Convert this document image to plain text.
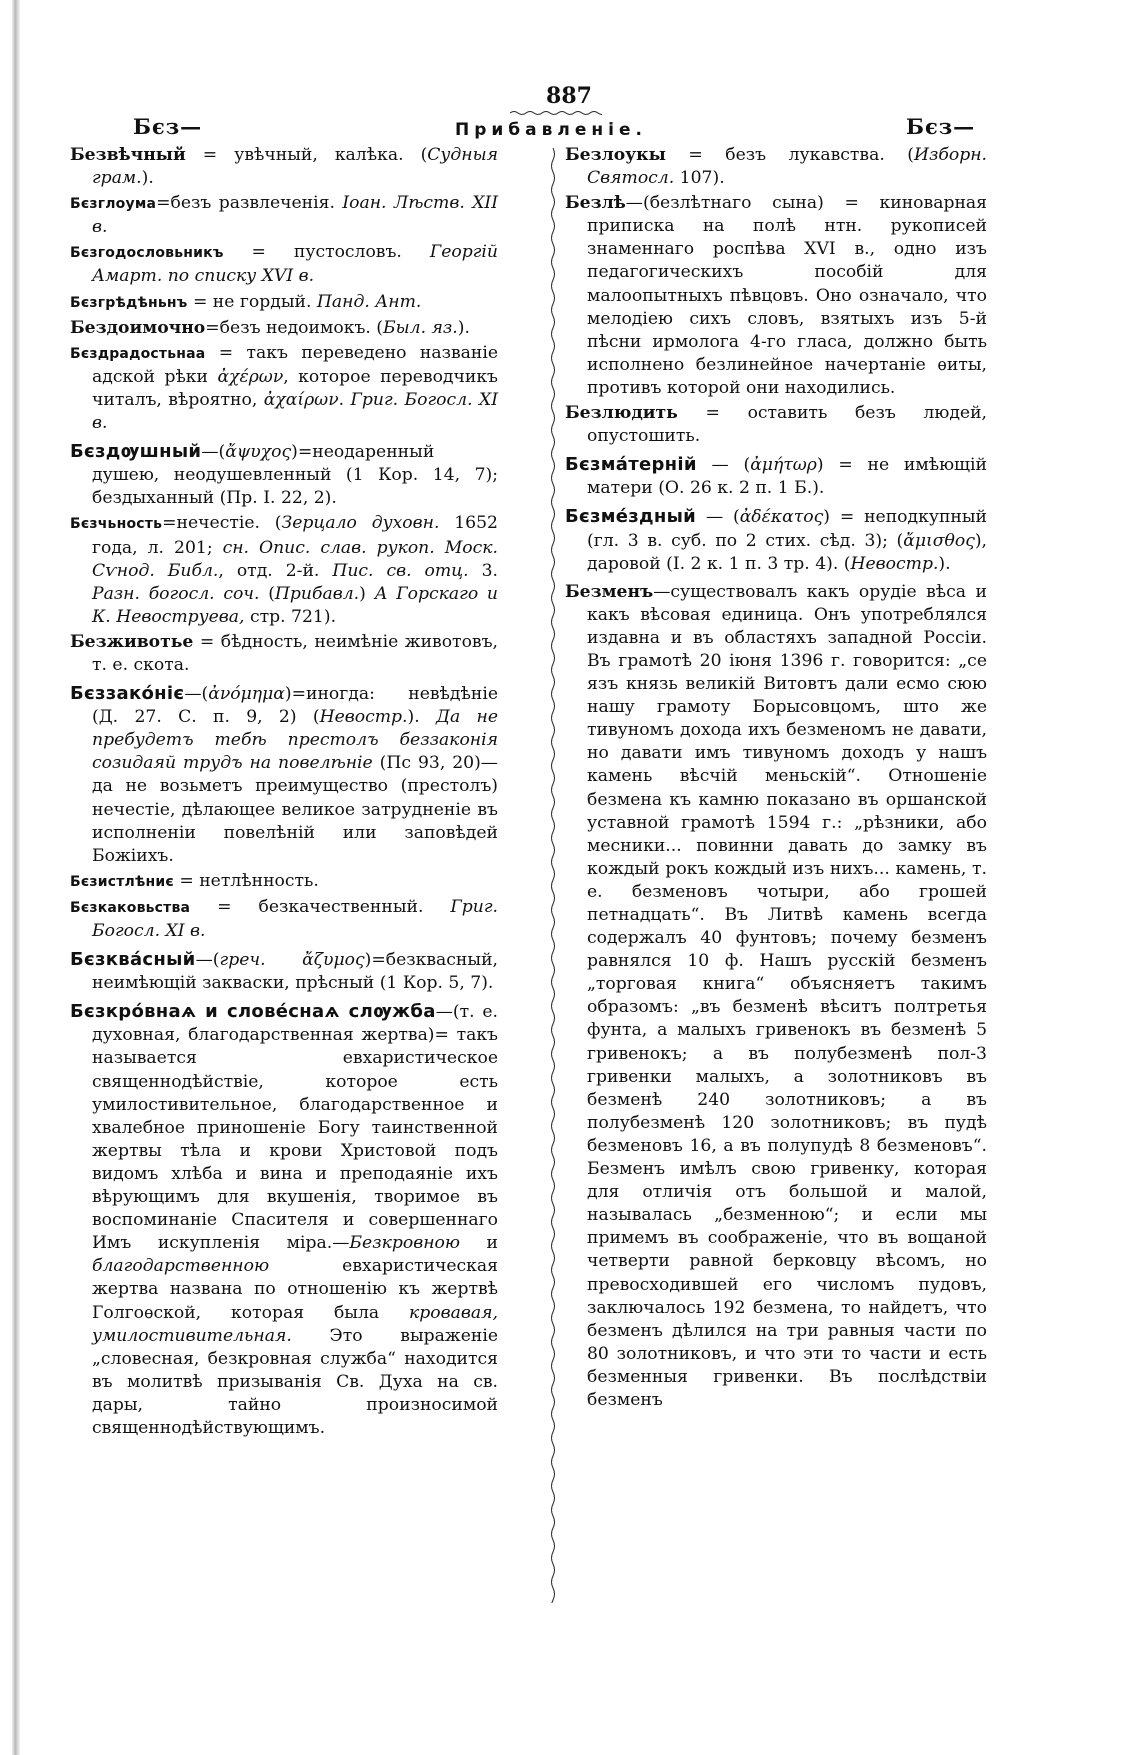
887
Бєз—	Прибавленіе.	Бєз—

Безвѣчный = увѣчный, калѣка. (Судныя грам.).

Бєзглоума=безъ развлеченія. Іоан. Лѣств. XII в.

Бєзгодословьникъ = пустословъ. Георгій Амарт. по списку XVI в.

Бєзгрѣдѣньнъ = не гордый. Панд. Ант.

Бездоимочно=безъ недоимокъ. (Был. яз.).

Бєздрадостьнаа = такъ переведено названіе адской рѣки ἀχέρων, которое переводчикъ читалъ, вѣроятно, ἀχαίρων. Григ. Богосл. XI в.

Бєздѹшный—(ἄψυχος)=неодаренный душею, неодушевленный (1 Кор. 14, 7); бездыханный (Пр. I. 22, 2).

Бєзчьность=нечестіе. (Зерцало духовн. 1652 года, л. 201; сн. Опис. слав. рукоп. Моск. Сѵнод. Библ., отд. 2-й. Пис. св. отц. 3. Разн. богосл. соч. (Прибавл.) А Горскаго и К. Невоструева, стр. 721).

Безживотье = бѣдность, неимѣніе животовъ, т. е. скота.

Бєззакóніє—(ἀνόμημα)=иногда: невѣдѣніе (Д. 27. С. п. 9, 2) (Невостр.). Да не пребудетъ тебѣ престолъ беззаконія созидаяй трудъ на повелѣніе (Пс 93, 20)—да не возьметъ преимущество (престолъ) нечестіе, дѣлающее великое затрудненіе въ исполненіи повелѣній или заповѣдей Божіихъ.

Бєзистлѣниє = нетлѣнность.

Бєзкаковьства = безкачественный. Григ. Богосл. XI в.

Бєзквáсный—(греч. ἄζυμος)=безквасный, неимѣющій закваски, прѣсный (1 Кор. 5, 7).

Бєзкрóвнаѧ и словéснаѧ слѹжба—(т. е. духовная, благодарственная жертва)= такъ называется евхаристическое священнодѣйствіе, которое есть умилостивительное, благодарственное и хвалебное приношеніе Богу таинственной жертвы тѣла и крови Христовой подъ видомъ хлѣба и вина и преподаяніе ихъ вѣрующимъ для вкушенія, творимое въ воспоминаніе Спасителя и совершеннаго Имъ искупленія міра.—Безкровною и благодарственною евхаристическая жертва названа по отношенію къ жертвѣ Голгоѳской, которая была кровавая, умилостивительная. Это выраженіе „словесная, безкровная служба“ находится въ молитвѣ призыванія Св. Духа на св. дары, тайно произносимой священнодѣйствующимъ.

Безлоукы = безъ лукавства. (Изборн. Святосл. 107).

Безлѣ—(безлѣтнаго сына) = киноварная приписка на полѣ нтн. рукописей знаменнаго роспѣва XVI в., одно изъ педагогическихъ пособій для малоопытныхъ пѣвцовъ. Оно означало, что мелодіею сихъ словъ, взятыхъ изъ 5-й пѣсни ирмолога 4-го гласа, должно быть исполнено безлинейное начертаніе ѳиты, противъ которой они находились.

Безлюдить = оставить безъ людей, опустошить.

Бєзмáтерній — (ἀμήτωρ) = не имѣющій матери (О. 26 к. 2 п. 1 Б.).

Бєзмéздный — (ἀδέκατος) = неподкупный (гл. 3 в. суб. по 2 стих. сѣд. 3); (ἄμισθος), даровой (I. 2 к. 1 п. 3 тр. 4). (Невостр.).

Безменъ—существовалъ какъ орудіе вѣса и какъ вѣсовая единица. Онъ употреблялся издавна и въ областяхъ западной Россіи. Въ грамотѣ 20 іюня 1396 г. говорится: „се язъ князь великій Витовтъ дали есмо сюю нашу грамоту Борысовцомъ, што же тивуномъ дохода ихъ безменомъ не давати, но давати имъ тивуномъ доходъ у нашъ камень вѣсчій меньскій“. Отношеніе безмена къ камню показано въ оршанской уставной грамотѣ 1594 г.: „рѣзники, або месники... повинни давать до замку въ кождый рокъ кождый изъ нихъ... камень, т. е. безменовъ чотыри, або грошей петнадцать“. Въ Литвѣ камень всегда содержалъ 40 фунтовъ; почему безменъ равнялся 10 ф. Нашъ русскій безменъ „торговая книга“ объясняетъ такимъ образомъ: „въ безменѣ вѣситъ полтретья фунта, а малыхъ гривенокъ въ безменѣ 5 гривенокъ; а въ полубезменѣ пол-3 гривенки малыхъ, а золотниковъ въ безменѣ 240 золотниковъ; а въ полубезменѣ 120 золотниковъ; въ пудѣ безменовъ 16, а въ полупудѣ 8 безменовъ“. Безменъ имѣлъ свою гривенку, которая для отличія отъ большой и малой, называлась „безменною“; и если мы примемъ въ соображеніе, что въ вощаной четверти равной берковцу вѣсомъ, но превосходившей его числомъ пудовъ, заключалось 192 безмена, то найдетъ, что безменъ дѣлился на три равныя части по 80 золотниковъ, и что эти то части и есть безменныя гривенки. Въ послѣдствіи безменъ
